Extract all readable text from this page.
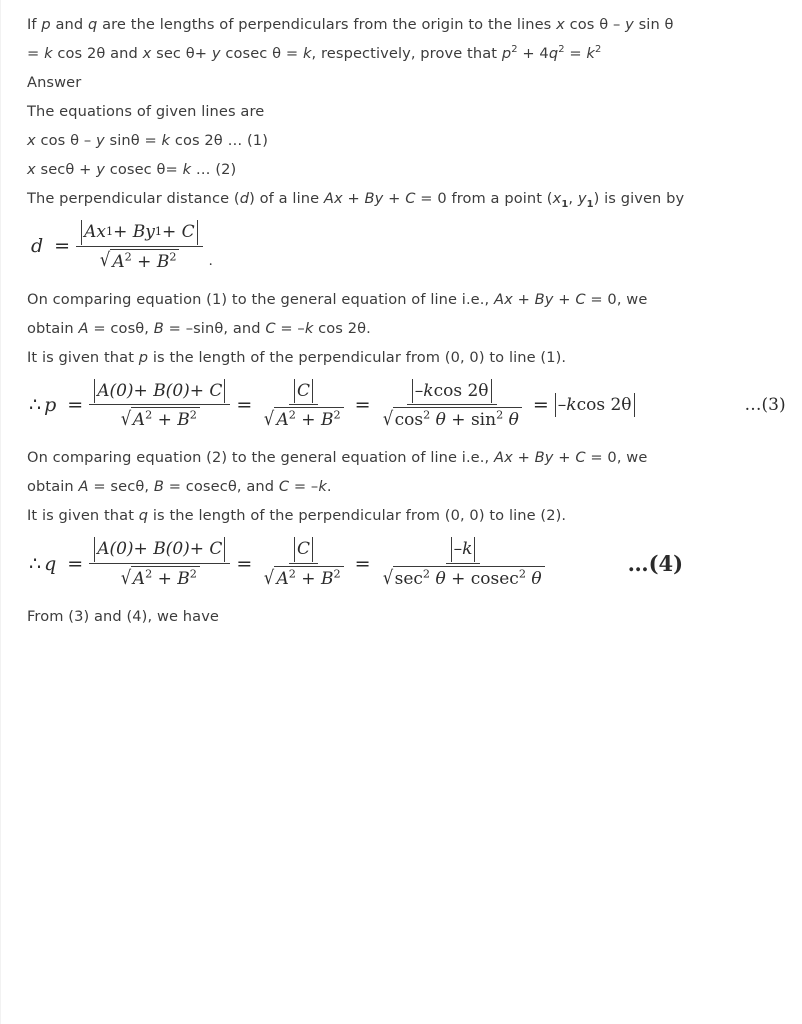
If p and q are the lengths of perpendiculars from the origin to the lines x cos θ – y sin θ
= k cos 2θ and x sec θ+ y cosec θ = k, respectively, prove that $p^2 + 4q^2 = k^2$
Answer
The equations of given lines are
x cos θ – y sinθ = k cos 2θ … (1)
x secθ + y cosec θ= k … (2)
The perpendicular distance (d) of a line Ax + By + C = 0 from a point ($x_1$, $y_1$) is given by
$d = \frac{Ax 1 + By 1 + C}{√ A^2 + B^2}$ .
On comparing equation (1) to the general equation of line i.e., Ax + By + C = 0, we
obtain A = cosθ, B = –sinθ, and C = –k cos 2θ.
It is given that p is the length of the perpendicular from (0, 0) to line (1).
∴ $p = \frac{A(0)+ B(0)+ C}{√ A^2 + B^2} = \frac{C}{√ A^2 + B^2} = \frac{\text{– k cos 2θ}}{√ \cos^2 \theta + \sin^2 \theta}$ = – k cos 2θ	…(3)
On comparing equation (2) to the general equation of line i.e., Ax + By + C = 0, we
obtain A = secθ, B = cosecθ, and C = –k.
It is given that q is the length of the perpendicular from (0, 0) to line (2).
∴ $q = \frac{A(0)+ B(0)+ C}{√ A^2 + B^2} = \frac{C}{√ A^2 + B^2} = \frac{- k}{√ \sec^2 \theta + cosec^2 \theta}$	…(4)
From (3) and (4), we have
